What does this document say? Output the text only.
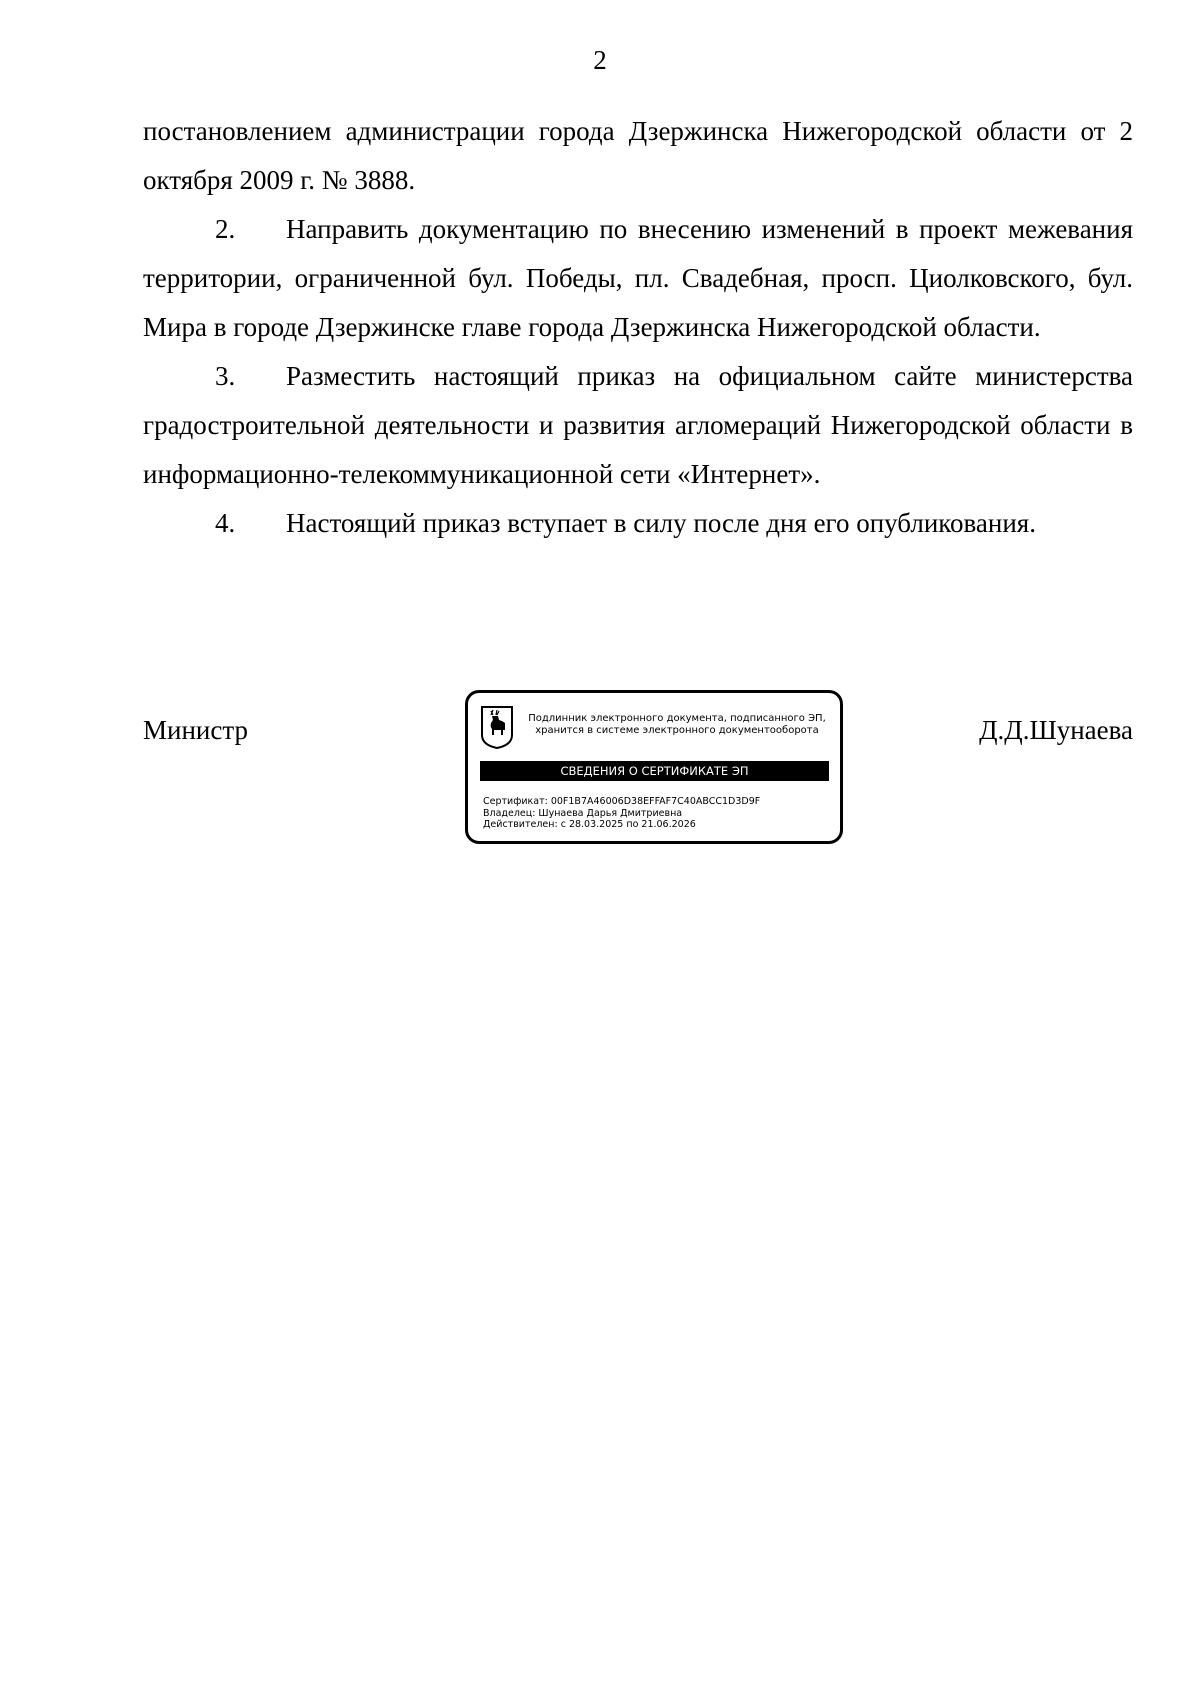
2

постановлением администрации города Дзержинска Нижегородской области от 2 октября 2009 г. № 3888.

2. Направить документацию по внесению изменений в проект межевания территории, ограниченной бул. Победы, пл. Свадебная, просп. Циолковского, бул. Мира в городе Дзержинске главе города Дзержинска Нижегородской области.

3. Разместить настоящий приказ на официальном сайте министерства градостроительной деятельности и развития агломераций Нижегородской области в информационно-телекоммуникационной сети «Интернет».

4. Настоящий приказ вступает в силу после дня его опубликования.

Министр	Подлинник электронного документа, подписанного ЭП,
хранится в системе электронного документооборота
СВЕДЕНИЯ О СЕРТИФИКАТЕ ЭП
Сертификат: 00F1B7A46006D38EFFAF7C40ABCC1D3D9F
Владелец: Шунаева Дарья Дмитриевна
Действителен: с 28.03.2025 по 21.06.2026
Д.Д.Шунаева
